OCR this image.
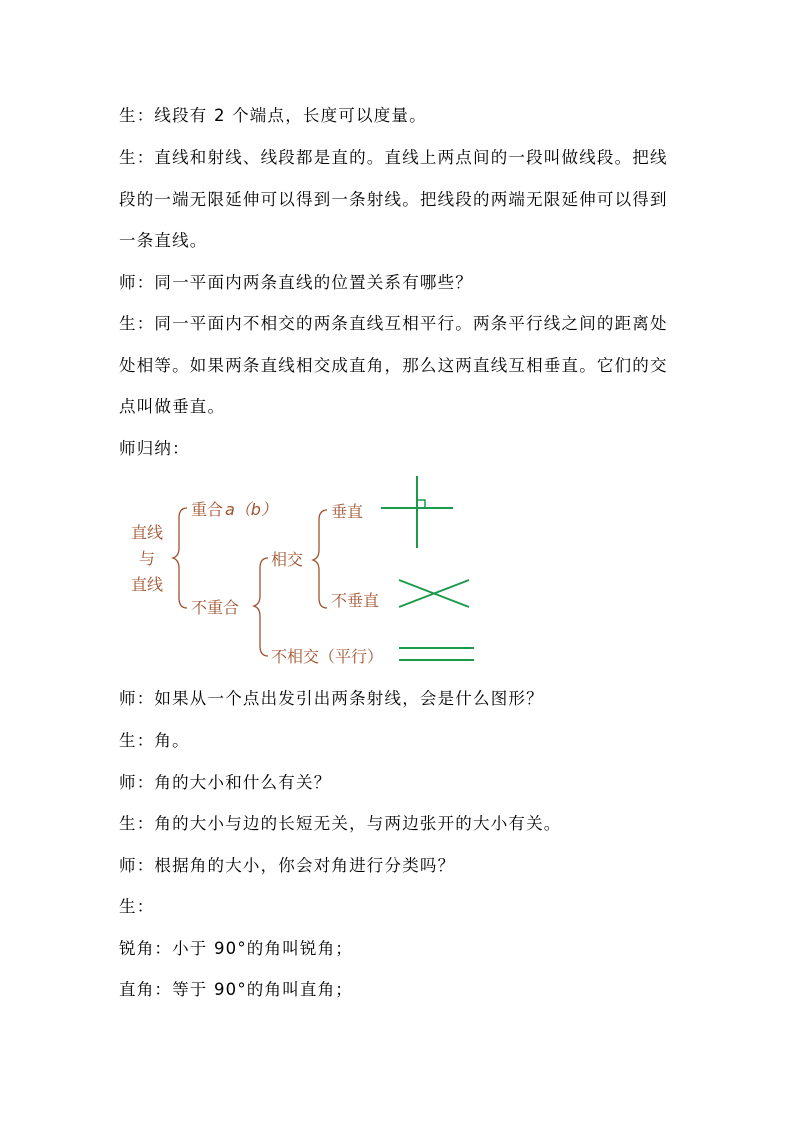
生：线段有 2 个端点，长度可以度量。

生：直线和射线、线段都是直的。直线上两点间的一段叫做线段。把线段的一端无限延伸可以得到一条射线。把线段的两端无限延伸可以得到一条直线。

师：同一平面内两条直线的位置关系有哪些？

生：同一平面内不相交的两条直线互相平行。两条平行线之间的距离处处相等。如果两条直线相交成直角，那么这两直线互相垂直。它们的交点叫做垂直。

师归纳：

直线
与
直线
重合 a（b）
不重合
相交
不相交（平行）
垂直
不垂直

师：如果从一个点出发引出两条射线，会是什么图形？

生：角。

师：角的大小和什么有关？

生：角的大小与边的长短无关，与两边张开的大小有关。

师：根据角的大小，你会对角进行分类吗？

生：

锐角：小于 90°的角叫锐角；

直角：等于 90°的角叫直角；
